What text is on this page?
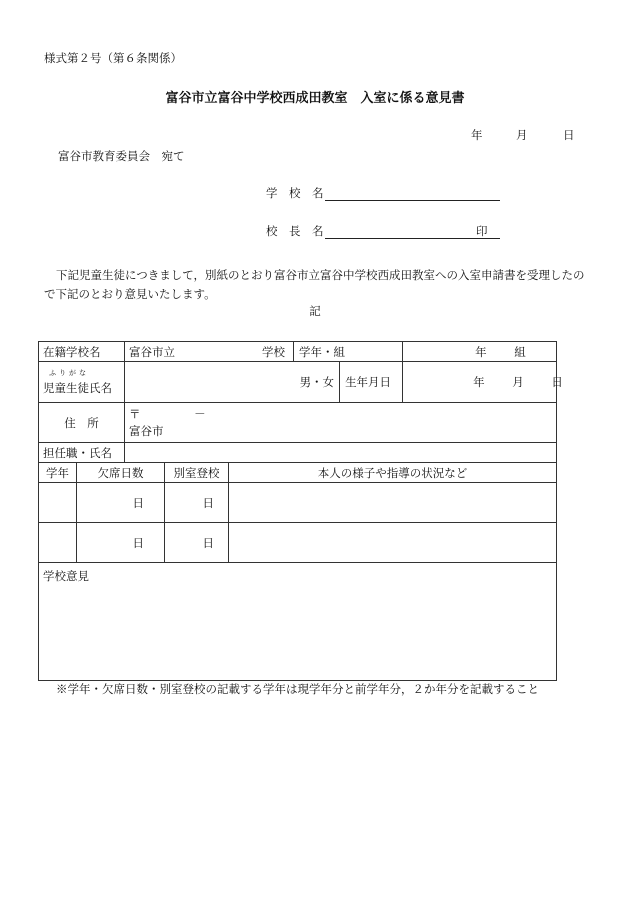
様式第２号（第６条関係）
富谷市立富谷中学校西成田教室　入室に係る意見書
年	月	日
富谷市教育委員会　宛て
学　校　名
校　長　名	印
下記児童生徒につきまして，別紙のとおり富谷市立富谷中学校西成田教室への入室申請書を受理したので下記のとおり意見いたします。
記
在籍学校名		富谷市立 学校 学年・組			年 組

ふりがな
児童生徒氏名		男・女 生年月日			年 月 日
住　所		〒 －
富谷市			

担任職・氏名					
学年	欠席日数		別室登校	本人の様子や指導の状況など	
	日		日		
	日		日		
学校意見					
※学年・欠席日数・別室登校の記載する学年は現学年分と前学年分，２か年分を記載すること
